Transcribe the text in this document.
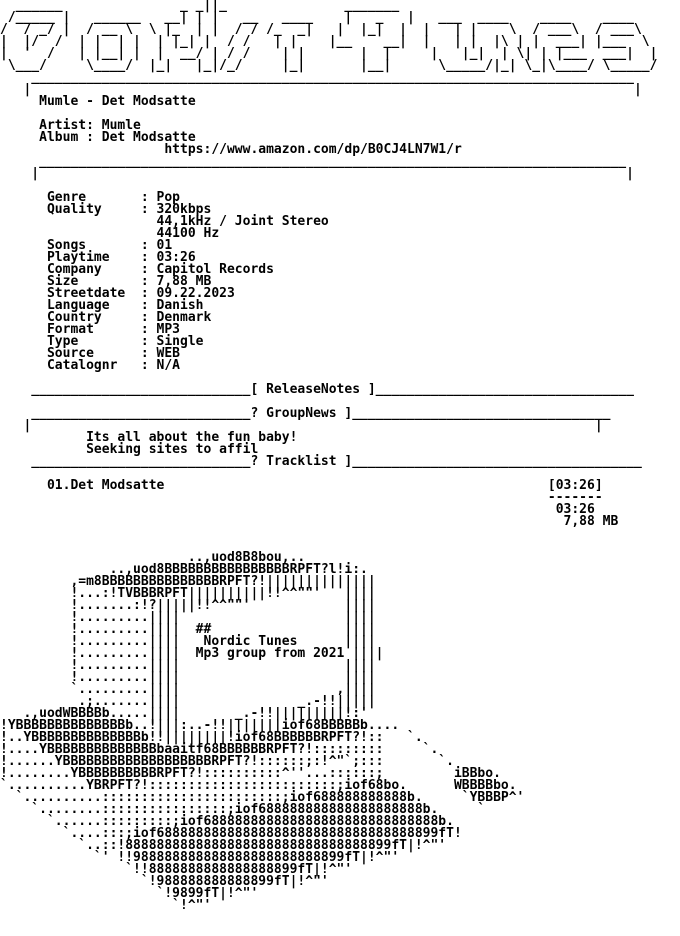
______               _ _||_               _______
/_____ |   ______   __| | |   __   ____    |   _   |   ___  ____    ____    ____
/  / _/ |  / __ \  \ |_  | |  / / /_  _|   |  |_|  |  |   | |    \  / ___\  / ___\
|  |/  /  | |  | |  | |_| |  / /   | |    |__    __|  |   | |  |\ | |  ___| |___  \
|  '  /   | |__| |  |  __/ | / /    | |       |  |     |   |_|  | \| | |___  ___|  |
\___/     \____/  |_|   |_|/_/     |_|       |__|      \_____/|_| \_|\____/ \_____/
_____________________________________________________________________________
|                                                                             |
Mumle - Det Modsatte

Artist: Mumle
Album : Det Modsatte
https://www.amazon.com/dp/B0CJ4LN7W1/r
___________________________________________________________________________
|                                                                           |

Genre       : Pop
Quality     : 320kbps
44,1kHz / Joint Stereo
44100 Hz
Songs       : 01
Playtime    : 03:26
Company     : Capitol Records
Size        : 7,88 MB
Streetdate  : 09.22.2023
Language    : Danish
Country     : Denmark
Format      : MP3
Type        : Single
Source      : WEB
Catalognr   : N/A

____________________________[ ReleaseNotes ]_________________________________

____________________________? GroupNews ]_________________________________
|                                                                        |
Its all about the fun baby!
Seeking sites to affil
____________________________? Tracklist ]_____________________________________

01.Det Modsatte                                                 [03:26]
-------
03:26
7,88 MB

..,uod8B8bou,..
..,uod8BBBBBBBBBBBBBBBBRPFT?l!i:.
,=m8BBBBBBBBBBBBBBBRPFT?!||||||||||||||
!...:!TVBBBRPFT||||||||||!!^^""'   ||||
!.......:!?|||||!!^^""'            ||||
!.........||||                     ||||
!.........||||  ##                 ||||
!.........||||   Nordic Tunes      ||||
!.........||||  Mp3 group from 2021 ||||
!.........||||                     ||||
!.........||||                     ||||
`.........||||                    ,||||
.;.......||||               _.-!!|||||
.,uodWBBBBb.....||||       _.-!!|||||||||!:'
!YBBBBBBBBBBBBBBb..!|||:..-!!|||||||iof68BBBBBb....
!..YBBBBBBBBBBBBBBb!!||||||||!iof68BBBBBBRPFT?!::   `.
!....YBBBBBBBBBBBBBBbaaitf68BBBBBBRPFT?!:::::::::     `.
!......YBBBBBBBBBBBBBBBBBBBRPFT?!::::::;:!^"`;:::       `.
!........YBBBBBBBBBBRPFT?!::::::::::^''...::::::;         iBBbo.
`..........YBRPFT?!::::::::::::::::::::::::;iof68bo.      WBBBBbo.
`..........:::::::::::::::::::::::;iof688888888888b.     `YBBBP^'
`........::::::::::::::::;iof688888888888888888888b.     `
`......:::::::::;iof688888888888888888888888888888b.
`....:::;iof688888888888888888888888888888888899fT!
`..::!8888888888888888888888888888888899fT|!^"'
`' !!988888888888888888888888899fT|!^"'
`!!8888888888888888899fT|!^"'
`!988888888888899fT|!^"'
`!9899fT|!^"'
`!^"'
